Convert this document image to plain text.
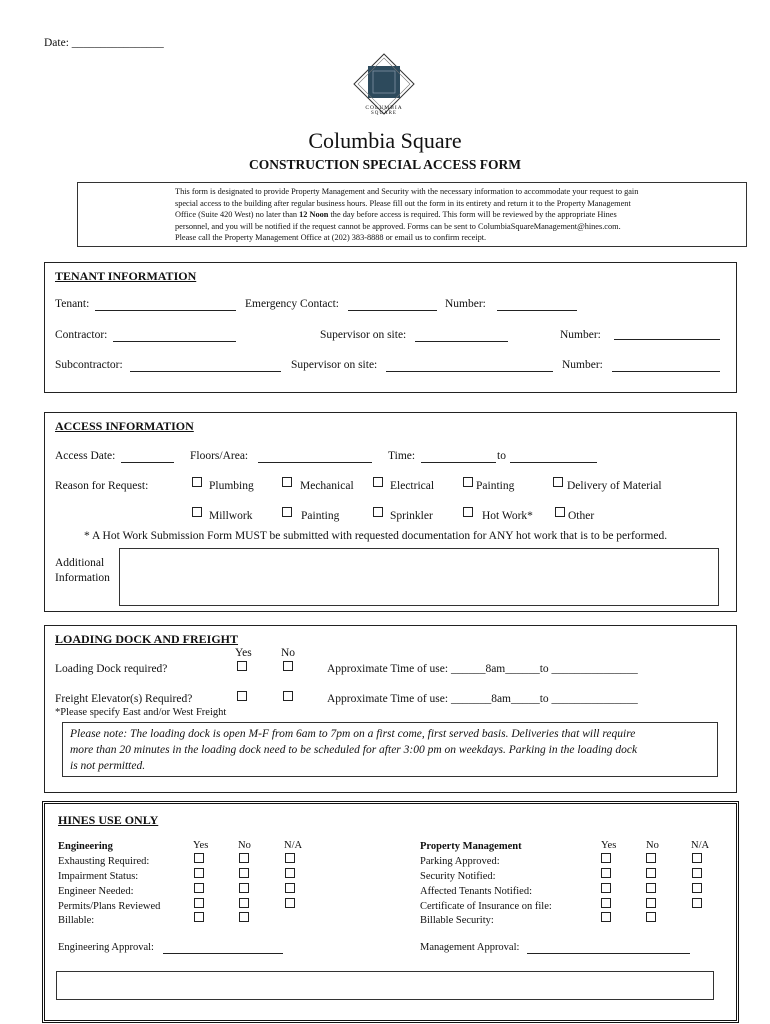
Date: ________________
COLUMBIA
SQUARE
Columbia Square
CONSTRUCTION SPECIAL ACCESS FORM
This form is designated to provide Property Management and Security with the necessary information to accommodate your request to gain
special access to the building after regular business hours. Please fill out the form in its entirety and return it to the Property Management
Office (Suite 420 West) no later than 12 Noon the day before access is required. This form will be reviewed by the appropriate Hines
personnel, and you will be notified if the request cannot be approved. Forms can be sent to ColumbiaSquareManagement@hines.com.
Please call the Property Management Office at (202) 383-8888 or email us to confirm receipt.
TENANT INFORMATION
Tenant:	Emergency Contact:	Number:
Contractor:	Supervisor on site:	Number:
Subcontractor:	Supervisor on site:	Number:
ACCESS INFORMATION
Access Date:	Floors/Area:	Time:	to
Reason for Request:	Plumbing	Mechanical	Electrical	Painting	Delivery of Material
Millwork	Painting	Sprinkler	Hot Work*	Other
* A Hot Work Submission Form MUST be submitted with requested documentation for ANY hot work that is to be performed.
Additional
Information
LOADING DOCK AND FREIGHT
Yes	No
Loading Dock required?	Approximate Time of use: ______8am______to _______________
Freight Elevator(s) Required?	Approximate Time of use: _______8am_____to _______________
*Please specify East and/or West Freight
Please note: The loading dock is open M-F from 6am to 7pm on a first come, first served basis. Deliveries that will require
more than 20 minutes in the loading dock need to be scheduled for after 3:00 pm on weekdays. Parking in the loading dock
is not permitted.
HINES USE ONLY
Engineering	Yes	No	N/A
Exhausting Required:
Impairment Status:
Engineer Needed:
Permits/Plans Reviewed
Billable:
Property Management	Yes	No	N/A
Parking Approved:
Security Notified:
Affected Tenants Notified:
Certificate of Insurance on file:
Billable Security:
Engineering Approval:	Management Approval:
